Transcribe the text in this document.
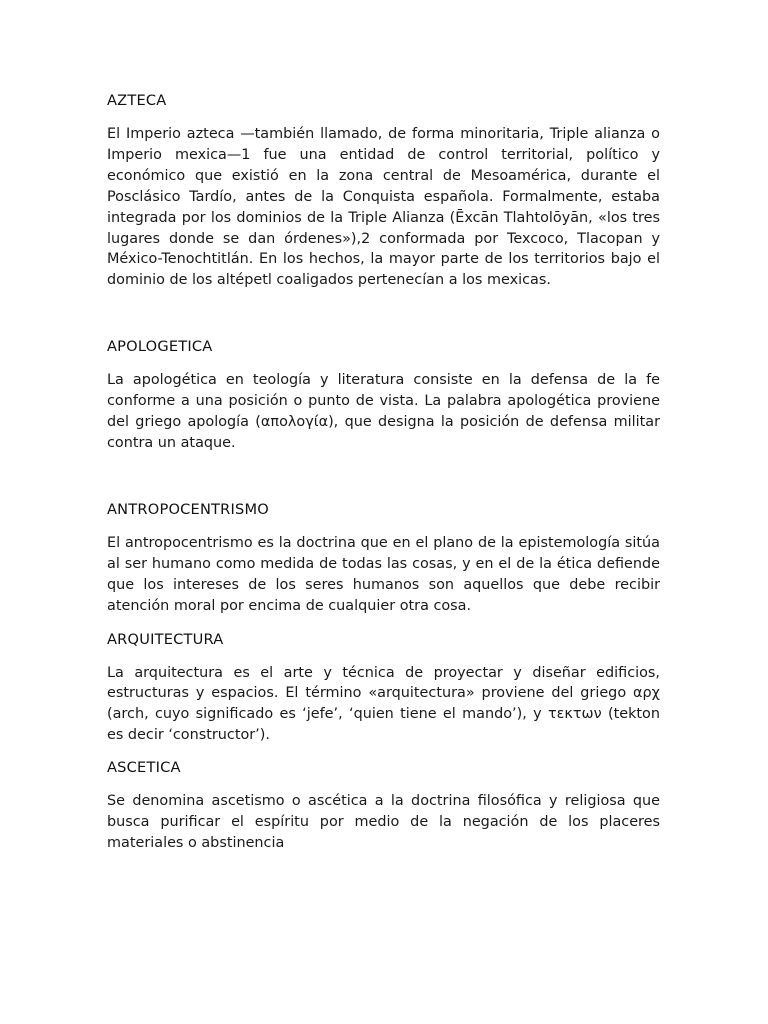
AZTECA

El Imperio azteca —también llamado, de forma minoritaria, Triple alianza o Imperio mexica—1 fue una entidad de control territorial, político y económico que existió en la zona central de Mesoamérica, durante el Posclásico Tardío, antes de la Conquista española. Formalmente, estaba integrada por los dominios de la Triple Alianza (Ēxcān Tlahtolōyān, «los tres lugares donde se dan órdenes»),2 conformada por Texcoco, Tlacopan y México-Tenochtitlán. En los hechos, la mayor parte de los territorios bajo el dominio de los altépetl coaligados pertenecían a los mexicas.

APOLOGETICA

La apologética en teología y literatura consiste en la defensa de la fe conforme a una posición o punto de vista. La palabra apologética proviene del griego apología (απολογία), que designa la posición de defensa militar contra un ataque.

ANTROPOCENTRISMO

El antropocentrismo es la doctrina que en el plano de la epistemología sitúa al ser humano como medida de todas las cosas, y en el de la ética defiende que los intereses de los seres humanos son aquellos que debe recibir atención moral por encima de cualquier otra cosa.

ARQUITECTURA

La arquitectura es el arte y técnica de proyectar y diseñar edificios, estructuras y espacios. El término «arquitectura» proviene del griego αρχ (arch, cuyo significado es ‘jefe’, ‘quien tiene el mando’), y τεκτων (tekton es decir ‘constructor’).

ASCETICA

Se denomina ascetismo o ascética a la doctrina filosófica y religiosa que busca purificar el espíritu por medio de la negación de los placeres materiales o abstinencia
